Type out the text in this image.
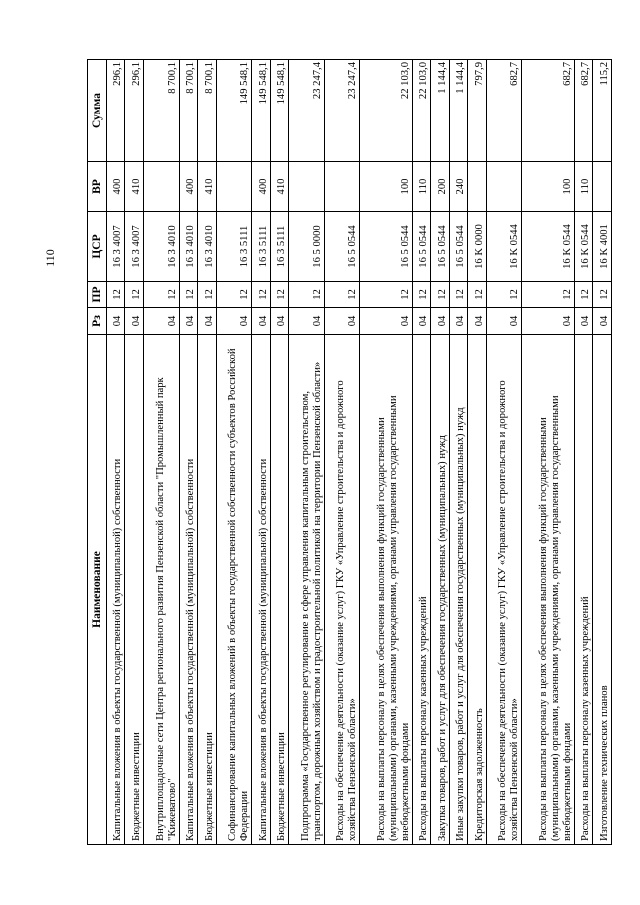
110
Наименование	Рз	ПР	ЦСР	ВР	Сумма
Капитальные вложения в объекты государственной (муниципальной) собственности	04	12	16 3 4007	400	296,1
Бюджетные инвестиции	04	12	16 3 4007	410	296,1
Внутриплощадочные сети Центра регионального развития Пензенской области "Промышленный парк "Кижеватово"	04	12	16 3 4010		8 700,1
Капитальные вложения в объекты государственной (муниципальной) собственности	04	12	16 3 4010	400	8 700,1
Бюджетные инвестиции	04	12	16 3 4010	410	8 700,1
Софинансирование капитальных вложений в объекты государственной собственности субъектов Российской Федерации	04	12	16 3 5111		149 548,1
Капитальные вложения в объекты государственной (муниципальной) собственности	04	12	16 3 5111	400	149 548,1
Бюджетные инвестиции	04	12	16 3 5111	410	149 548,1
Подпрограмма «Государственное регулирование в сфере управления капитальным строительством, транспортом, дорожным хозяйством и градостроительной политикой на территории Пензенской области»	04	12	16 5 0000		23 247,4
Расходы на обеспечение деятельности (оказание услуг) ГКУ «Управление строительства и дорожного хозяйства Пензенской области»	04	12	16 5 0544		23 247,4
Расходы на выплаты персоналу в целях обеспечения выполнения функций государственными (муниципальными) органами, казенными учреждениями, органами управления государственными внебюджетными фондами	04	12	16 5 0544	100	22 103,0
Расходы на выплаты персоналу казенных учреждений	04	12	16 5 0544	110	22 103,0
Закупка товаров, работ и услуг для обеспечения государственных (муниципальных) нужд	04	12	16 5 0544	200	1 144,4
Иные закупки товаров, работ и услуг для обеспечения государственных (муниципальных) нужд	04	12	16 5 0544	240	1 144,4
Кредиторская задолженность	04	12	16 K 0000		797,9
Расходы на обеспечение деятельности (оказание услуг) ГКУ «Управление строительства и дорожного хозяйства Пензенской области»	04	12	16 K 0544		682,7
Расходы на выплаты персоналу в целях обеспечения выполнения функций государственными (муниципальными) органами, казенными учреждениями, органами управления государственными внебюджетными фондами	04	12	16 K 0544	100	682,7
Расходы на выплаты персоналу казенных учреждений	04	12	16 K 0544	110	682,7
Изготовление технических планов	04	12	16 K 4001		115,2
